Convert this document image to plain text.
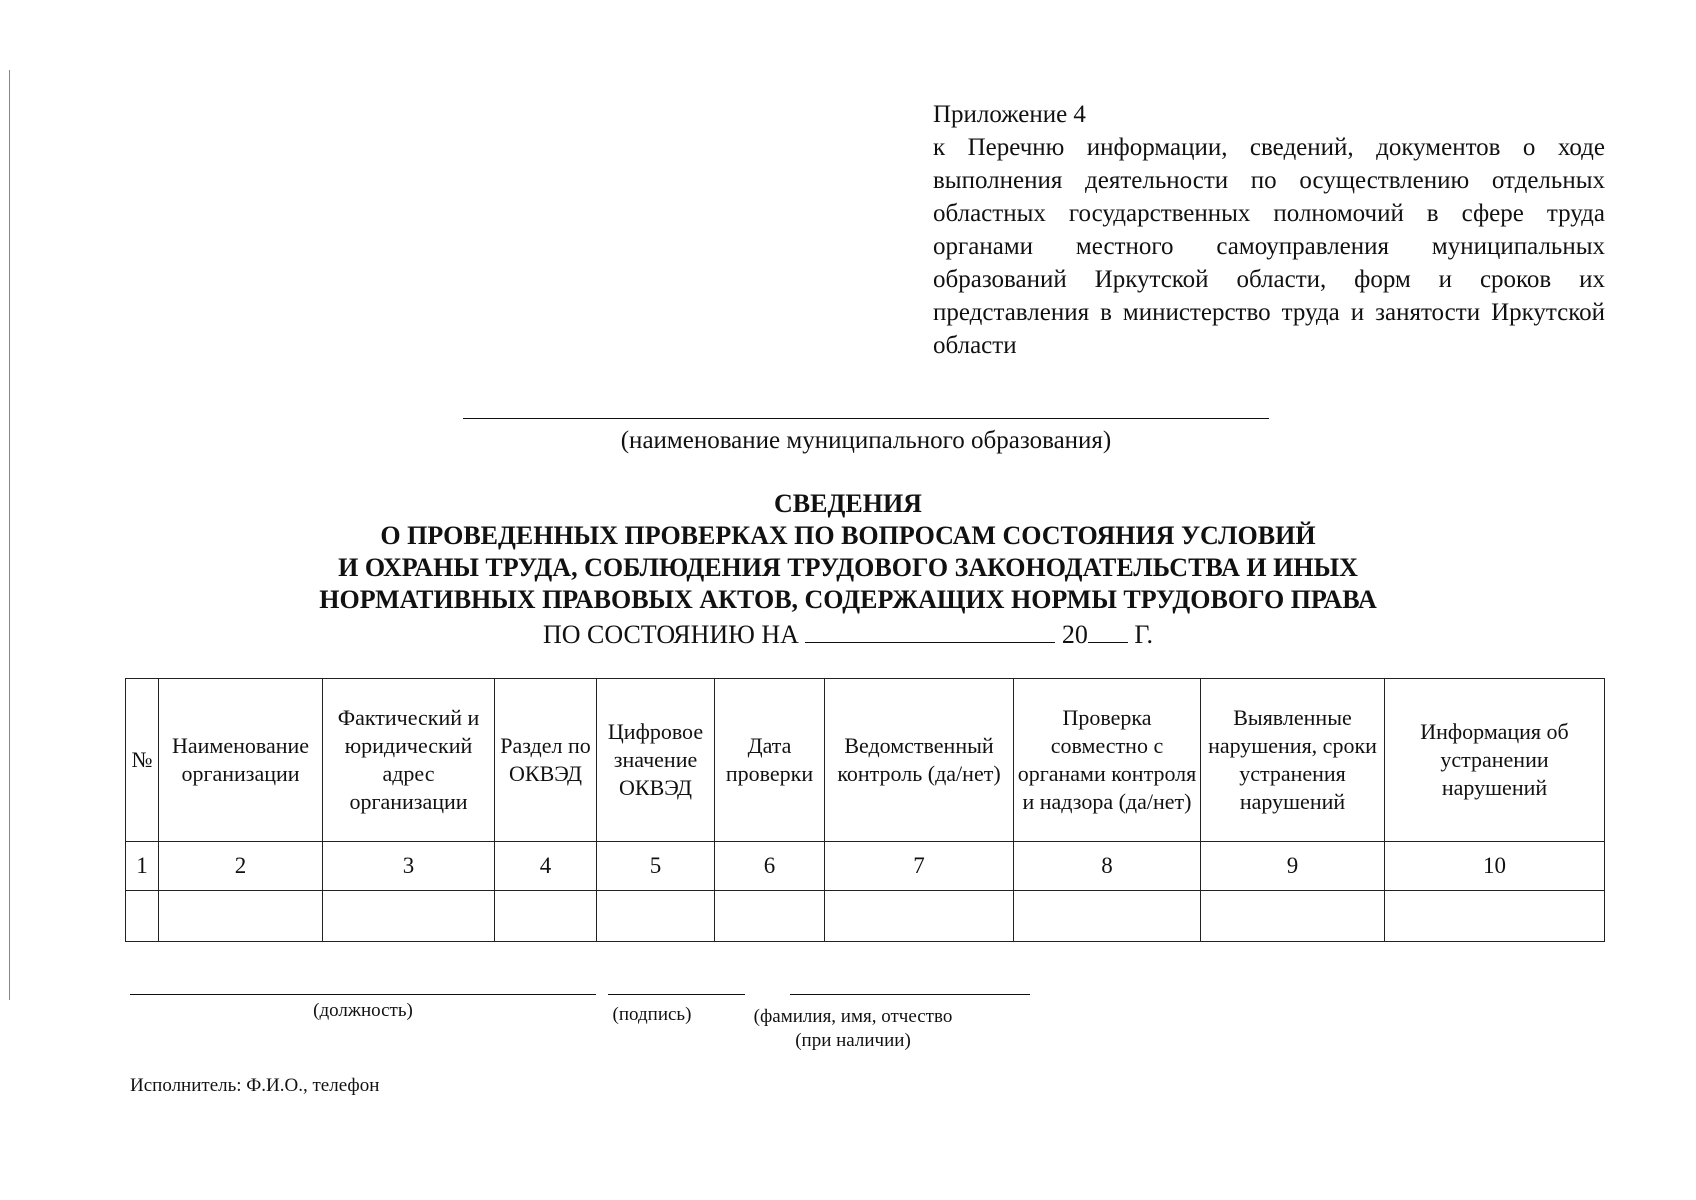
Приложение 4
к Перечню информации, сведений, документов о ходе выполнения деятельности по осуществлению отдельных областных государственных полномочий в сфере труда органами местного самоуправления муниципальных образований Иркутской области, форм и сроков их представления в министерство труда и занятости Иркутской области
(наименование муниципального образования)
СВЕДЕНИЯ
О ПРОВЕДЕННЫХ ПРОВЕРКАХ ПО ВОПРОСАМ СОСТОЯНИЯ УСЛОВИЙ
И ОХРАНЫ ТРУДА, СОБЛЮДЕНИЯ ТРУДОВОГО ЗАКОНОДАТЕЛЬСТВА И ИНЫХ
НОРМАТИВНЫХ ПРАВОВЫХ АКТОВ, СОДЕРЖАЩИХ НОРМЫ ТРУДОВОГО ПРАВА
ПО СОСТОЯНИЮ НА	20 Г.
№	Наименование организации	Фактический и юридический адрес организации	Раздел по ОКВЭД	Цифровое значение ОКВЭД	Дата проверки	Ведомственный контроль (да/нет)	Проверка совместно с органами контроля и надзора (да/нет)	Выявленные нарушения, сроки устранения нарушений	Информация об устранении нарушений
1	2	3	4	5	6	7	8	9	10

(должность)	(подпись)	(фамилия, имя, отчество
(при наличии)
Исполнитель: Ф.И.О., телефон
